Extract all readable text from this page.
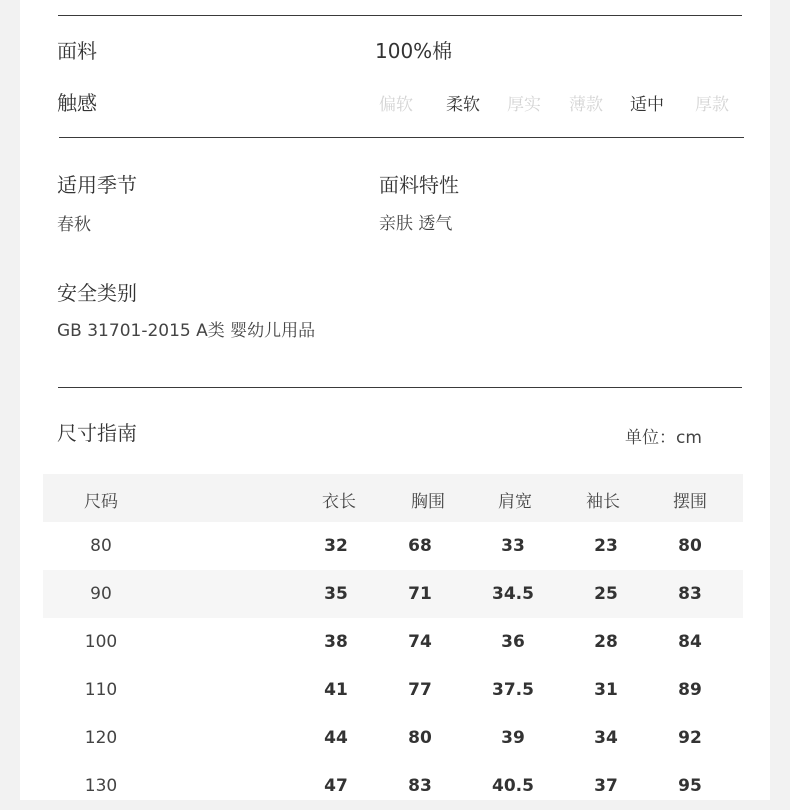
面料	100%棉
触感	偏软 柔软 厚实 薄款 适中 厚款
适用季节
春秋
面料特性
亲肤 透气
安全类别
GB 31701-2015 A类 婴幼儿用品
尺寸指南	单位：cm
尺码	衣长	胸围	肩宽	袖长	摆围
80	32	68	33	23	80
90	35	71	34.5	25	83
100	38	74	36	28	84
110	41	77	37.5	31	89
120	44	80	39	34	92
130	47	83	40.5	37	95
